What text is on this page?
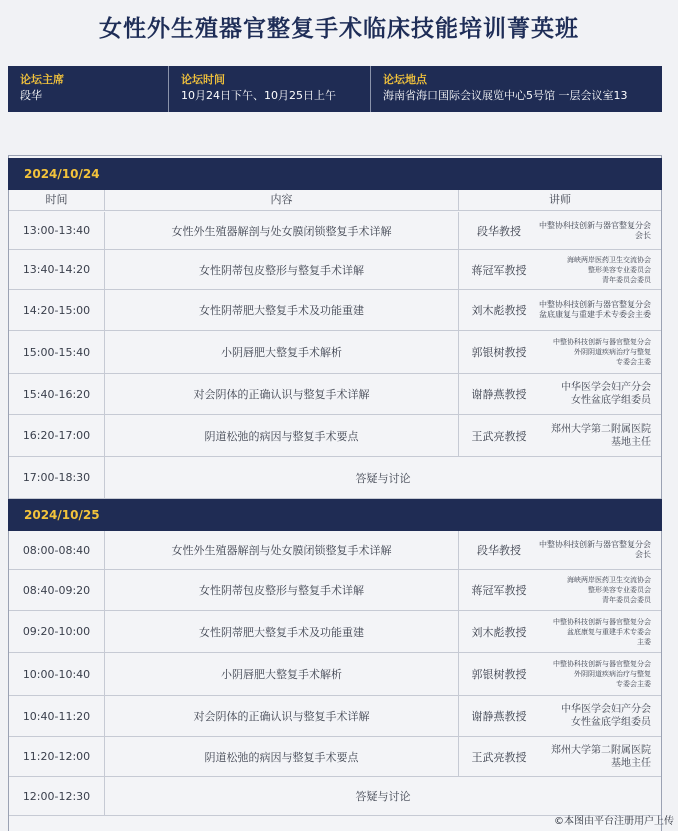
女性外生殖器官整复手术临床技能培训菁英班
论坛主席
段华
论坛时间
10月24日下午、10月25日上午
论坛地点
海南省海口国际会议展览中心5号馆 一层会议室13
2024/10/24
时间	内容	讲师
13:00-13:40	女性外生殖器解剖与处女膜闭锁整复手术详解	段华教授	中整协科技创新与器官整复分会
会长
13:40-14:20	女性阴蒂包皮整形与整复手术详解	蒋冠军教授
海峡两岸医药卫生交流协会
整形美容专业委员会
青年委员会委员
14:20-15:00	女性阴蒂肥大整复手术及功能重建	刘木彪教授	中整协科技创新与器官整复分会
盆底康复与重建手术专委会主委
15:00-15:40	小阴唇肥大整复手术解析	郭银树教授
中整协科技创新与器官整复分会
外阴阴道疾病治疗与整复
专委会主委
15:40-16:20	对会阴体的正确认识与整复手术详解	谢静燕教授
中华医学会妇产分会
女性盆底学组委员
16:20-17:00	阴道松弛的病因与整复手术要点	王武亮教授
郑州大学第二附属医院
基地主任
17:00-18:30	答疑与讨论
2024/10/25
08:00-08:40	女性外生殖器解剖与处女膜闭锁整复手术详解	段华教授	中整协科技创新与器官整复分会
会长
08:40-09:20	女性阴蒂包皮整形与整复手术详解	蒋冠军教授
海峡两岸医药卫生交流协会
整形美容专业委员会
青年委员会委员
09:20-10:00	女性阴蒂肥大整复手术及功能重建	刘木彪教授
中整协科技创新与器官整复分会
盆底康复与重建手术专委会
主委
10:00-10:40	小阴唇肥大整复手术解析	郭银树教授
中整协科技创新与器官整复分会
外阴阴道疾病治疗与整复
专委会主委
10:40-11:20	对会阴体的正确认识与整复手术详解	谢静燕教授
中华医学会妇产分会
女性盆底学组委员
11:20-12:00	阴道松弛的病因与整复手术要点	王武亮教授
郑州大学第二附属医院
基地主任
12:00-12:30	答疑与讨论
©本图由平台注册用户上传
